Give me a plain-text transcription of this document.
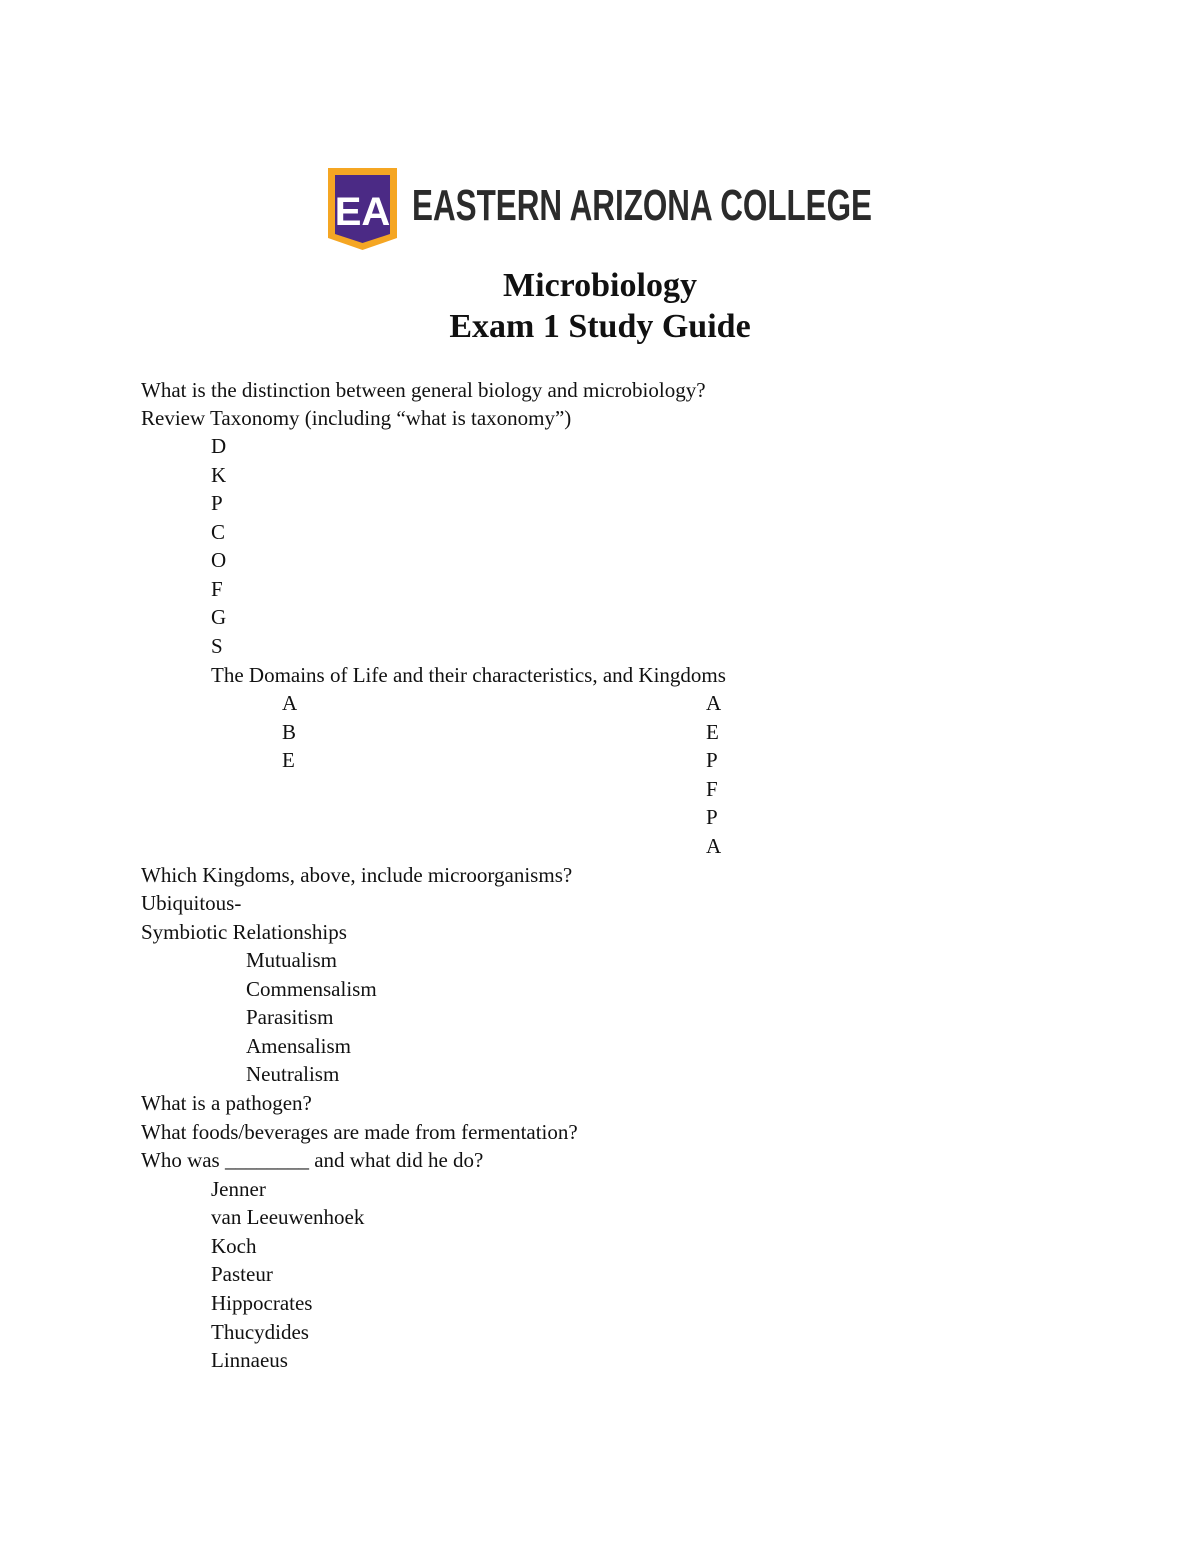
EA EASTERN ARIZONA COLLEGE
Microbiology
Exam 1 Study Guide
What is the distinction between general biology and microbiology?
Review Taxonomy (including “what is taxonomy”)
D
K
P
C
O
F
G
S
The Domains of Life and their characteristics, and Kingdoms
A
B
E
A
E
P
F
P
A
Which Kingdoms, above, include microorganisms?
Ubiquitous-
Symbiotic Relationships
Mutualism
Commensalism
Parasitism
Amensalism
Neutralism
What is a pathogen?
What foods/beverages are made from fermentation?
Who was ________ and what did he do?
Jenner
van Leeuwenhoek
Koch
Pasteur
Hippocrates
Thucydides
Linnaeus
